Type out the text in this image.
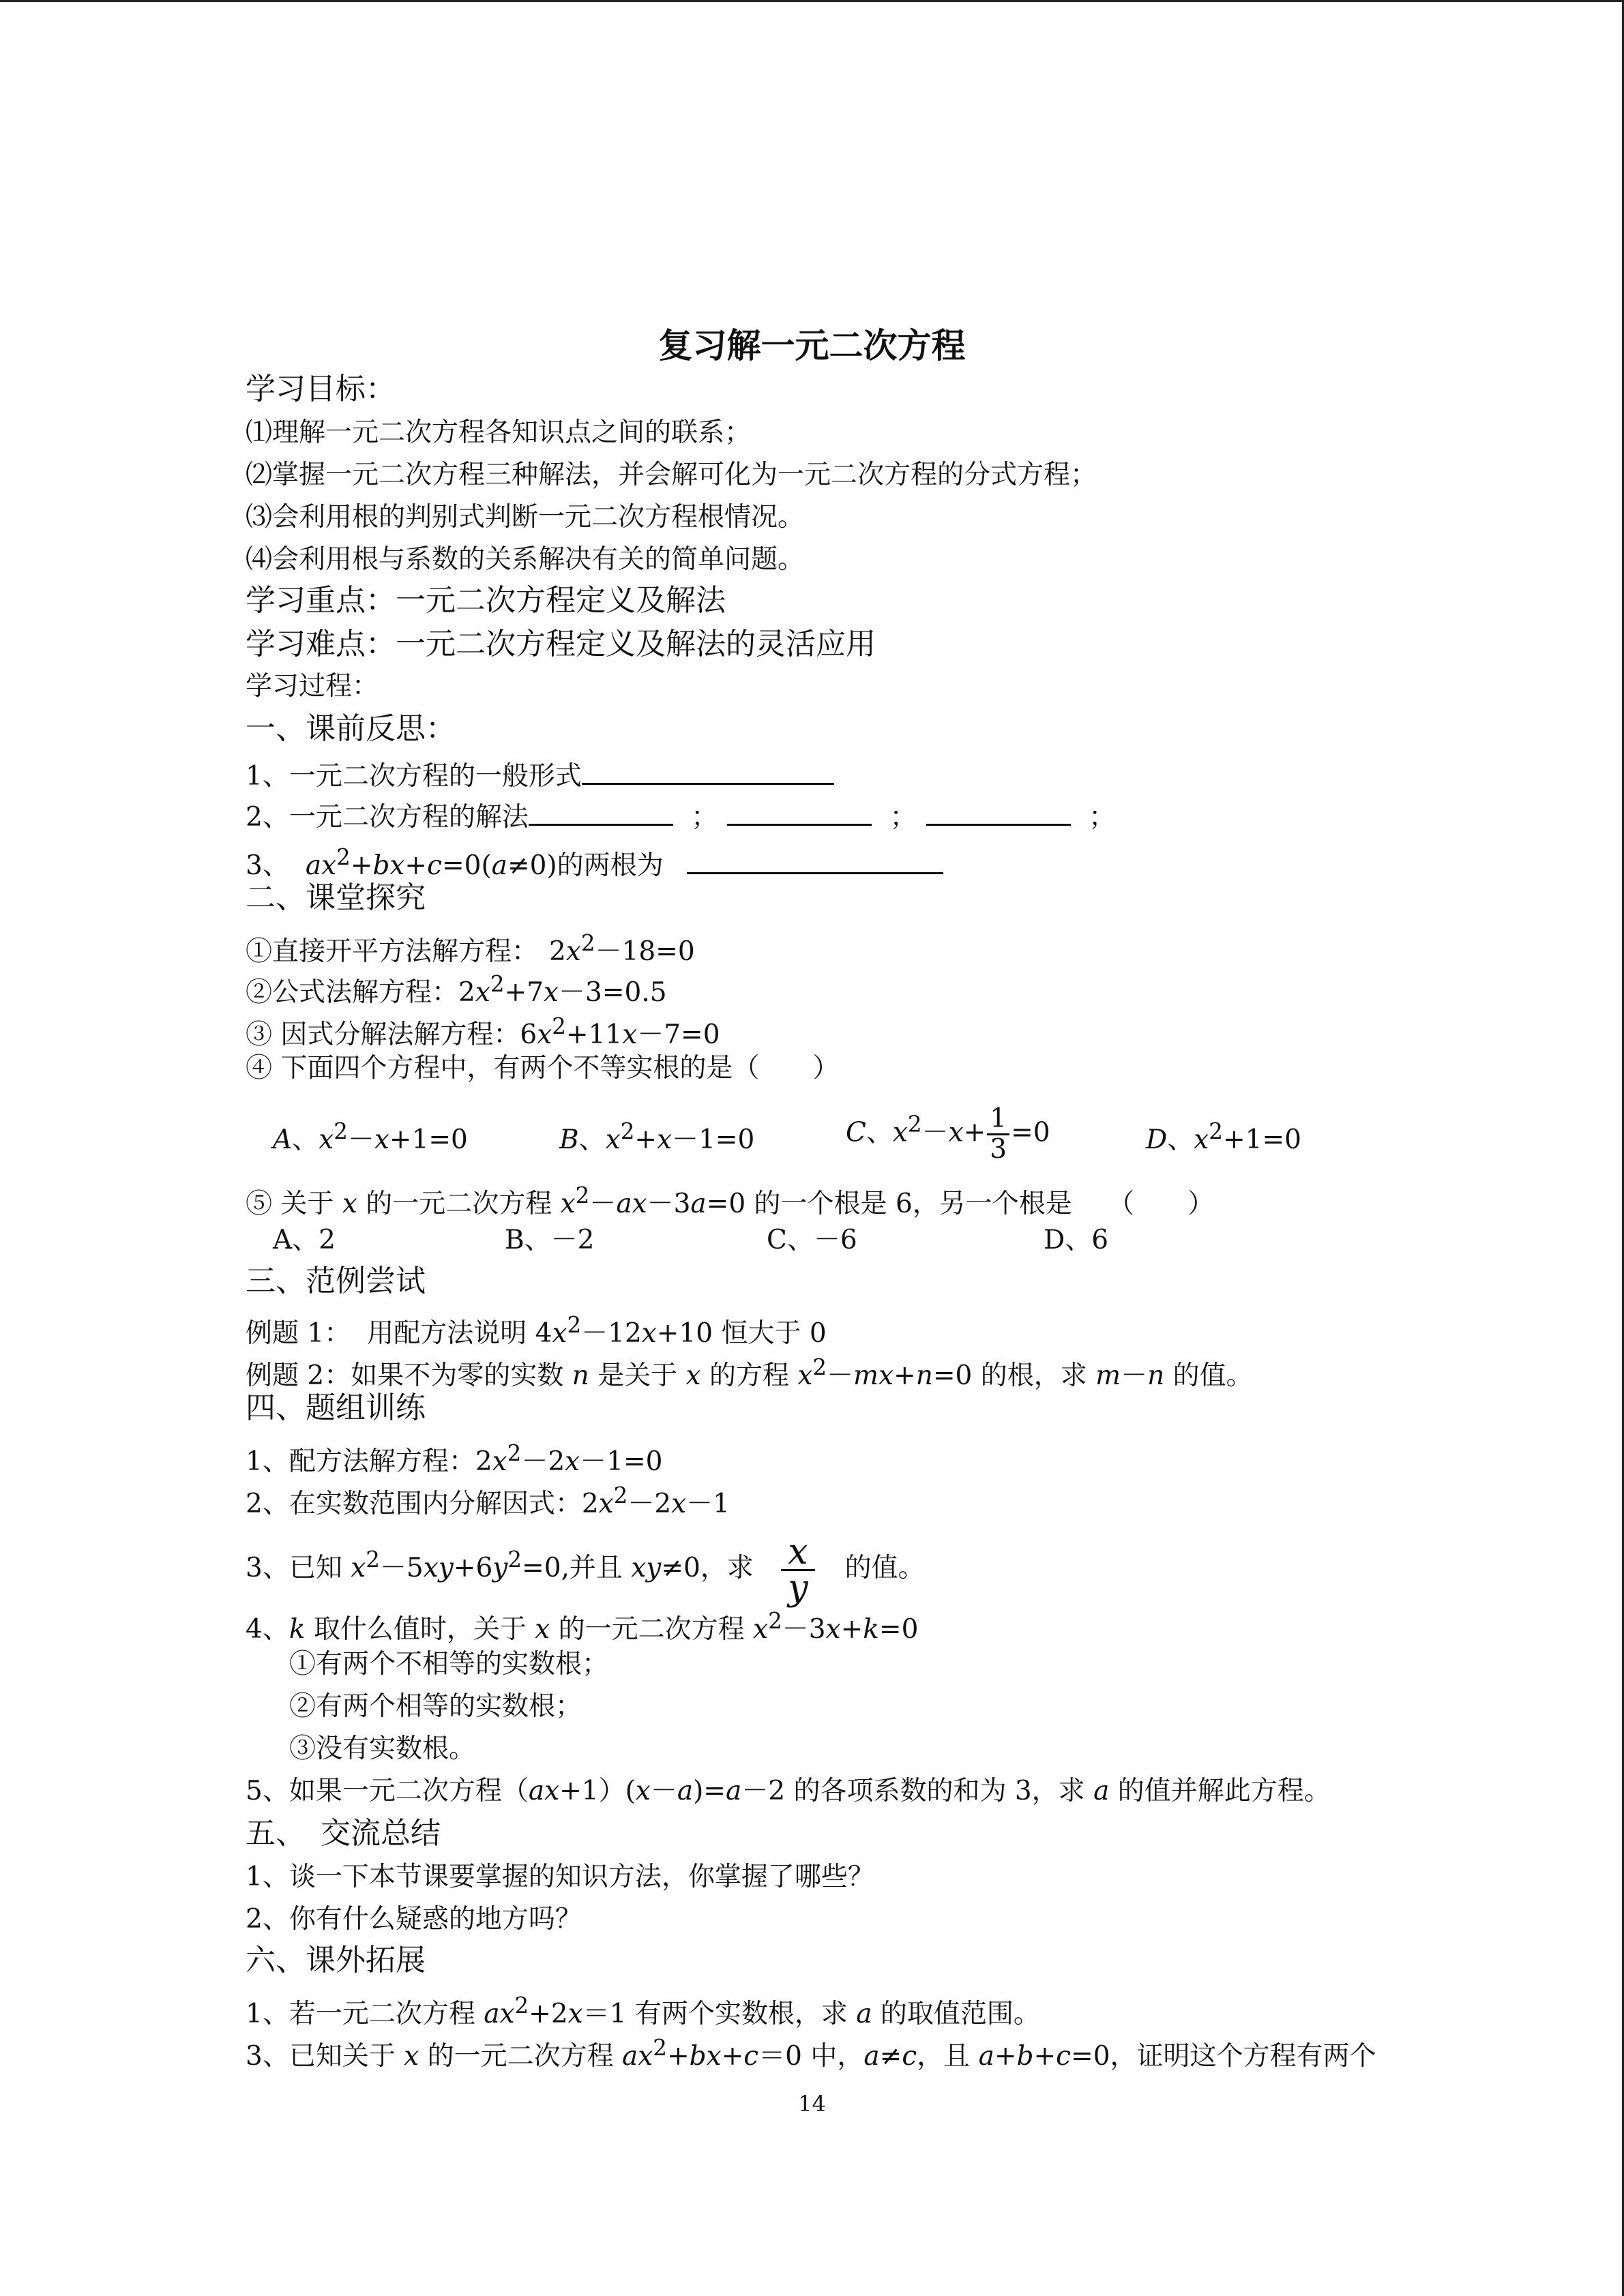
复习解一元二次方程
学习目标：
⑴理解一元二次方程各知识点之间的联系；
⑵掌握一元二次方程三种解法，并会解可化为一元二次方程的分式方程；
⑶会利用根的判别式判断一元二次方程根情况。
⑷会利用根与系数的关系解决有关的简单问题。
学习重点：一元二次方程定义及解法
学习难点：一元二次方程定义及解法的灵活应用
学习过程：
一、课前反思：
1、一元二次方程的一般形式
2、一元二次方程的解法	；	；	；
3、 $ax^2+bx+c=0(a\ne 0)$的两根为
二、课堂探究
①直接开平方法解方程： $2x^2-18=0$
②公式法解方程：$2x^2+7x-3=0.5$
③ 因式分解法解方程：$6x^2+11x-7=0$
④ 下面四个方程中，有两个不等实根的是（　　）
A、$x^2-x+1=0$	B、$x^2+x-1=0$	C、$x^2-x+ \frac{1}{3} =0$	D、$x^2+1=0$
⑤ 关于 x 的一元二次方程 $x^2-ax-3a=0$ 的一个根是 6，另一个根是 （　　）
A、2	B、－2	C、－6	D、6
三、范例尝试
例题 1： 用配方法说明 $4x^2-12x+10$ 恒大于 0
例题 2：如果不为零的实数 n 是关于 x 的方程 $x^2-mx+n=0$ 的根，求 m－n 的值。
四、题组训练
1、配方法解方程：$2x^2-2x-1=0$
2、在实数范围内分解因式：$2x^2-2x-1$
3、已知 $x^2-5xy+6y^2=0$,并且 xy≠0，求 $\frac{x}{y}$ 的值。
4、k 取什么值时，关于 x 的一元二次方程 $x^2-3x+k=0$
①有两个不相等的实数根；
②有两个相等的实数根；
③没有实数根。
5、如果一元二次方程（ax+1）(x－a)=a－2 的各项系数的和为 3，求 a 的值并解此方程。
五、　交流总结
1、谈一下本节课要掌握的知识方法，你掌握了哪些？
2、你有什么疑惑的地方吗？
六、课外拓展
1、若一元二次方程 $ax^2+2x=1$ 有两个实数根，求 a 的取值范围。
3、已知关于 x 的一元二次方程 $ax^2+bx+c=0$ 中，a≠c，且 a+b+c=0，证明这个方程有两个
14
